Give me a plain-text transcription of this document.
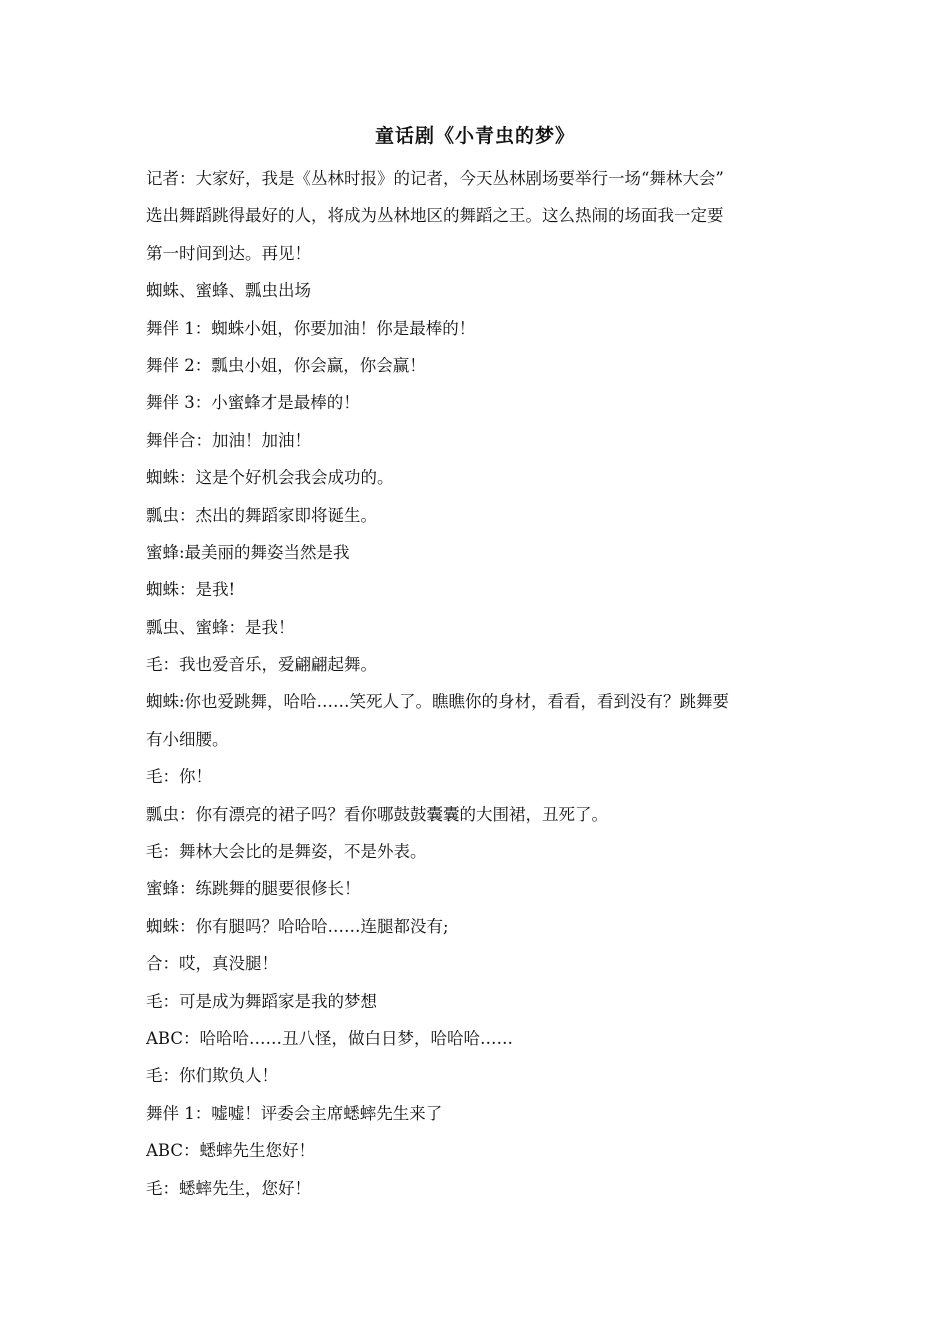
童话剧《小青虫的梦》
记者：大家好，我是《丛林时报》的记者，今天丛林剧场要举行一场“舞林大会”
选出舞蹈跳得最好的人，将成为丛林地区的舞蹈之王。这么热闹的场面我一定要
第一时间到达。再见！
蜘蛛、蜜蜂、瓢虫出场
舞伴 1：蜘蛛小姐，你要加油！你是最棒的！
舞伴 2：瓢虫小姐，你会赢，你会赢！
舞伴 3：小蜜蜂才是最棒的！
舞伴合：加油！加油！
蜘蛛：这是个好机会我会成功的。
瓢虫：杰出的舞蹈家即将诞生。
蜜蜂:最美丽的舞姿当然是我
蜘蛛：是我!
瓢虫、蜜蜂：是我！
毛：我也爱音乐，爱翩翩起舞。
蜘蛛:你也爱跳舞，哈哈……笑死人了。瞧瞧你的身材，看看，看到没有？跳舞要
有小细腰。
毛：你！
瓢虫：你有漂亮的裙子吗？看你哪鼓鼓囊囊的大围裙，丑死了。
毛：舞林大会比的是舞姿，不是外表。
蜜蜂：练跳舞的腿要很修长！
蜘蛛：你有腿吗？哈哈哈……连腿都没有;
合：哎，真没腿！
毛：可是成为舞蹈家是我的梦想
ABC：哈哈哈……丑八怪，做白日梦，哈哈哈……
毛：你们欺负人！
舞伴 1：嘘嘘！评委会主席蟋蟀先生来了
ABC：蟋蟀先生您好！
毛：蟋蟀先生，您好！
